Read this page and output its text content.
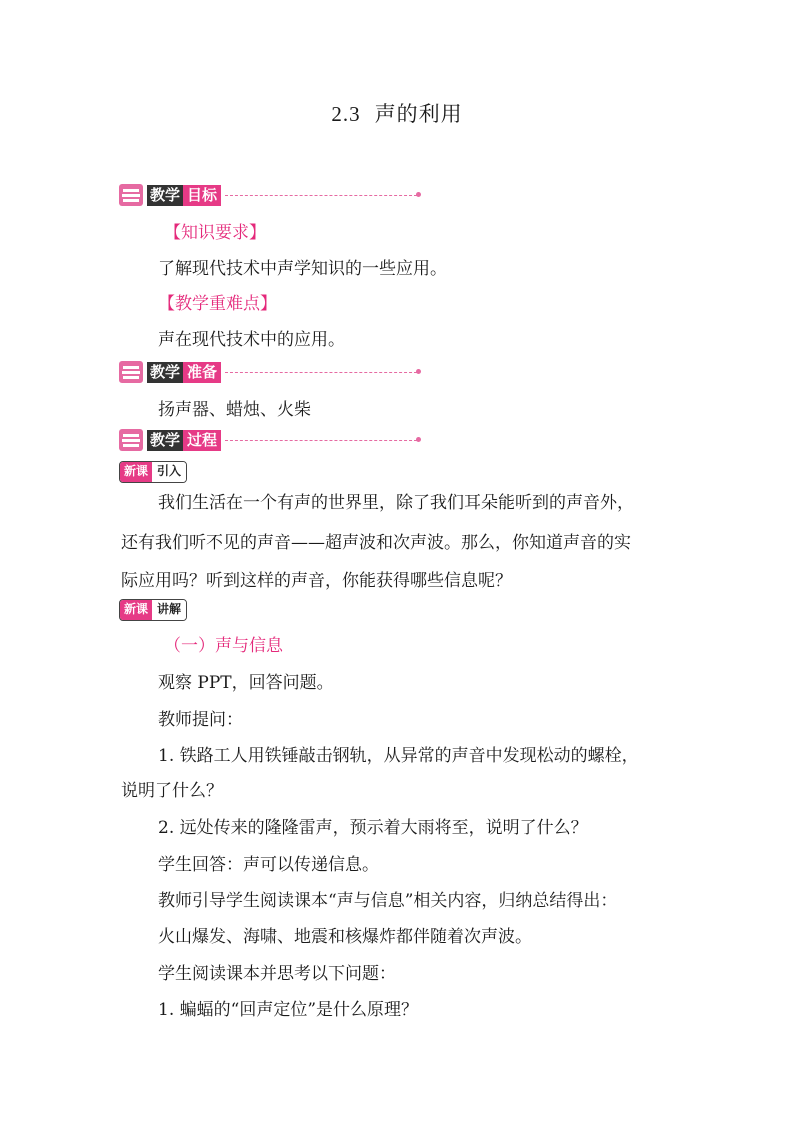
2.3 声的利用
教学 目标
【知识要求】
了解现代技术中声学知识的一些应用。
【教学重难点】
声在现代技术中的应用。
教学 准备
扬声器、蜡烛、火柴
教学 过程
新课 引入
我们生活在一个有声的世界里，除了我们耳朵能听到的声音外，
还有我们听不见的声音——超声波和次声波。那么，你知道声音的实
际应用吗？听到这样的声音，你能获得哪些信息呢？
新课 讲解
（一）声与信息
观察 PPT，回答问题。
教师提问：
1. 铁路工人用铁锤敲击钢轨，从异常的声音中发现松动的螺栓，
说明了什么？
2. 远处传来的隆隆雷声，预示着大雨将至，说明了什么？
学生回答：声可以传递信息。
教师引导学生阅读课本“声与信息”相关内容，归纳总结得出：
火山爆发、海啸、地震和核爆炸都伴随着次声波。
学生阅读课本并思考以下问题：
1. 蝙蝠的“回声定位”是什么原理？
